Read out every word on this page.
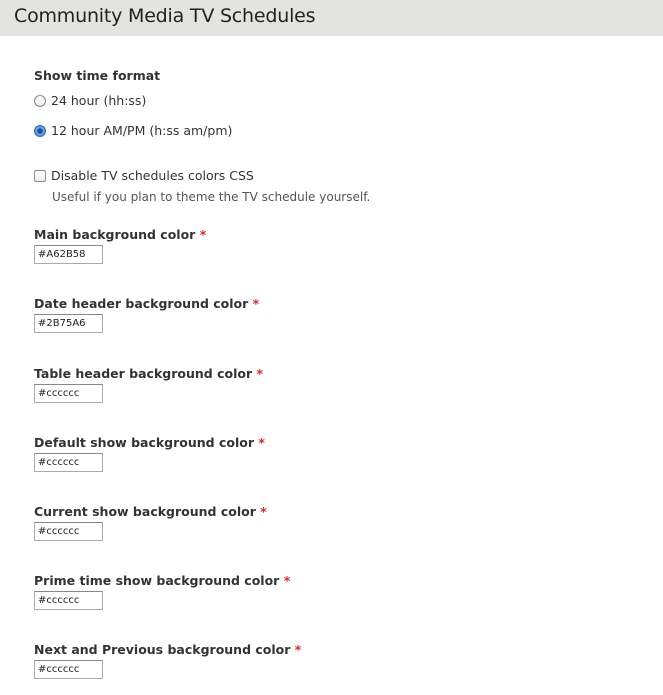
Community Media TV Schedules
Show time format
24 hour (hh:ss)
12 hour AM/PM (h:ss am/pm)
Disable TV schedules colors CSS
Useful if you plan to theme the TV schedule yourself.
Main background color *
#A62B58
Date header background color *
#2B75A6
Table header background color *
#cccccc
Default show background color *
#cccccc
Current show background color *
#cccccc
Prime time show background color *
#cccccc
Next and Previous background color *
#cccccc
